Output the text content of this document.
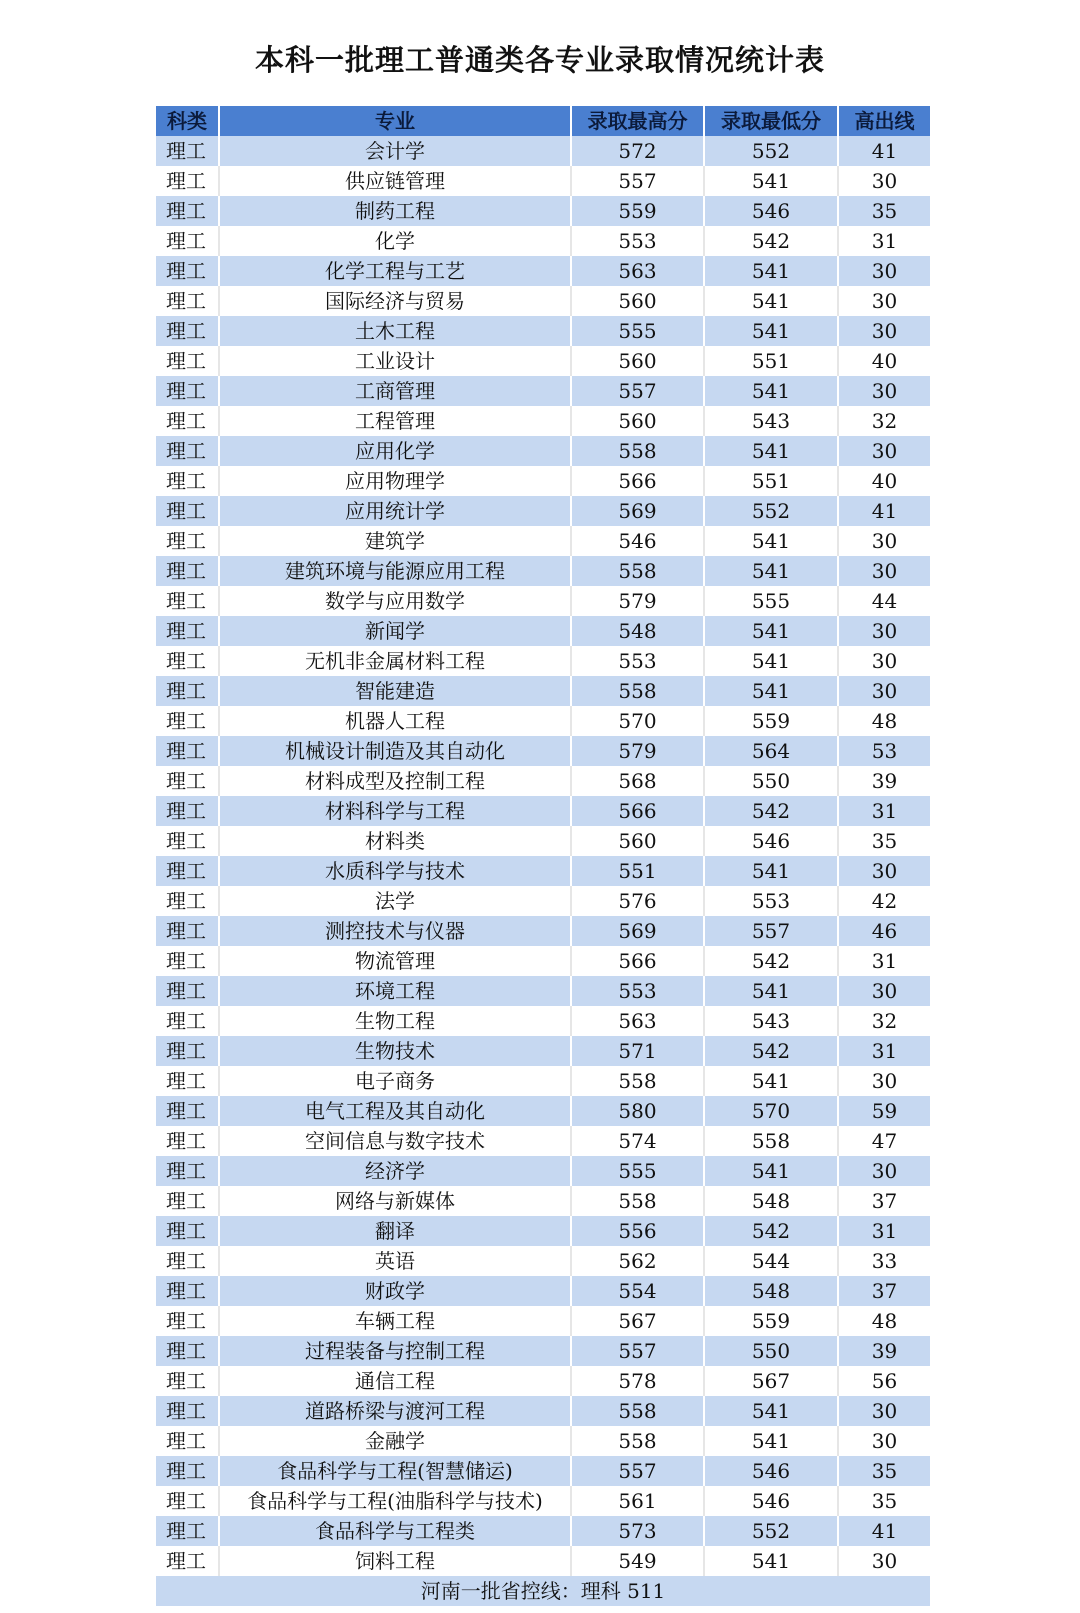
本科一批理工普通类各专业录取情况统计表
科类	专业	录取最高分	录取最低分	高出线
理工	会计学	572	552	41
理工	供应链管理	557	541	30
理工	制药工程	559	546	35
理工	化学	553	542	31
理工	化学工程与工艺	563	541	30
理工	国际经济与贸易	560	541	30
理工	土木工程	555	541	30
理工	工业设计	560	551	40
理工	工商管理	557	541	30
理工	工程管理	560	543	32
理工	应用化学	558	541	30
理工	应用物理学	566	551	40
理工	应用统计学	569	552	41
理工	建筑学	546	541	30
理工	建筑环境与能源应用工程	558	541	30
理工	数学与应用数学	579	555	44
理工	新闻学	548	541	30
理工	无机非金属材料工程	553	541	30
理工	智能建造	558	541	30
理工	机器人工程	570	559	48
理工	机械设计制造及其自动化	579	564	53
理工	材料成型及控制工程	568	550	39
理工	材料科学与工程	566	542	31
理工	材料类	560	546	35
理工	水质科学与技术	551	541	30
理工	法学	576	553	42
理工	测控技术与仪器	569	557	46
理工	物流管理	566	542	31
理工	环境工程	553	541	30
理工	生物工程	563	543	32
理工	生物技术	571	542	31
理工	电子商务	558	541	30
理工	电气工程及其自动化	580	570	59
理工	空间信息与数字技术	574	558	47
理工	经济学	555	541	30
理工	网络与新媒体	558	548	37
理工	翻译	556	542	31
理工	英语	562	544	33
理工	财政学	554	548	37
理工	车辆工程	567	559	48
理工	过程装备与控制工程	557	550	39
理工	通信工程	578	567	56
理工	道路桥梁与渡河工程	558	541	30
理工	金融学	558	541	30
理工	食品科学与工程(智慧储运)	557	546	35
理工	食品科学与工程(油脂科学与技术)	561	546	35
理工	食品科学与工程类	573	552	41
理工	饲料工程	549	541	30
河南一批省控线：理科 511
